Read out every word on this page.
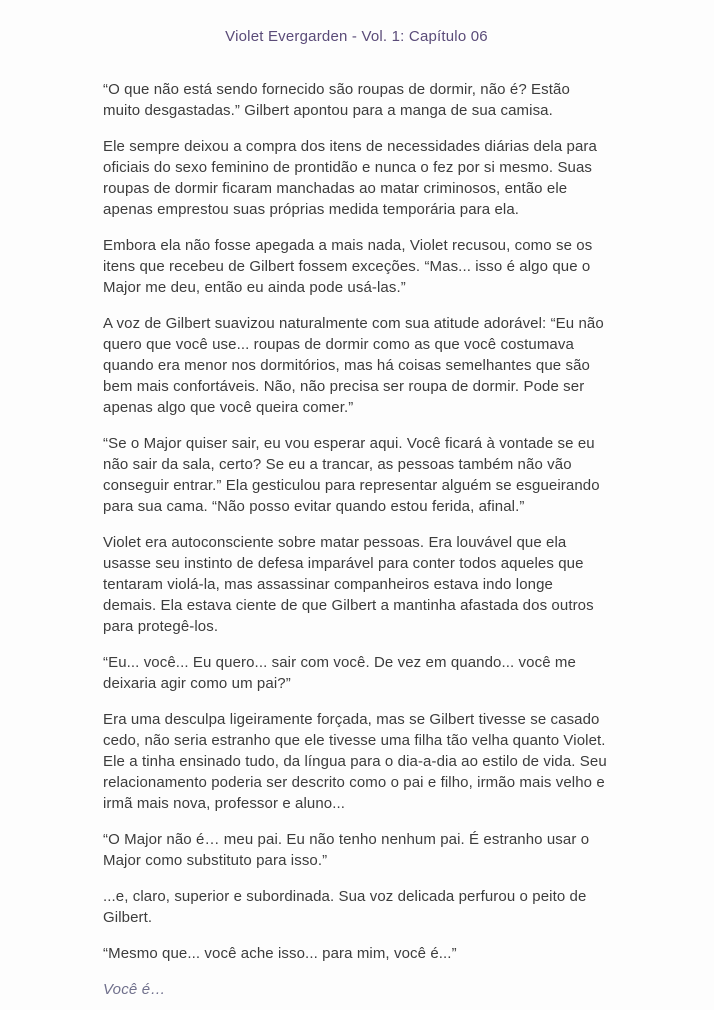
Violet Evergarden - Vol. 1: Capítulo 06

“O que não está sendo fornecido são roupas de dormir, não é? Estão muito desgastadas.” Gilbert apontou para a manga de sua camisa.

Ele sempre deixou a compra dos itens de necessidades diárias dela para oficiais do sexo feminino de prontidão e nunca o fez por si mesmo. Suas roupas de dormir ficaram manchadas ao matar criminosos, então ele apenas emprestou suas próprias medida temporária para ela.

Embora ela não fosse apegada a mais nada, Violet recusou, como se os itens que recebeu de Gilbert fossem exceções. “Mas... isso é algo que o Major me deu, então eu ainda pode usá-las.”

A voz de Gilbert suavizou naturalmente com sua atitude adorável: “Eu não quero que você use... roupas de dormir como as que você costumava quando era menor nos dormitórios, mas há coisas semelhantes que são bem mais confortáveis. Não, não precisa ser roupa de dormir. Pode ser apenas algo que você queira comer.”

“Se o Major quiser sair, eu vou esperar aqui. Você ficará à vontade se eu não sair da sala, certo? Se eu a trancar, as pessoas também não vão conseguir entrar.” Ela gesticulou para representar alguém se esgueirando para sua cama. “Não posso evitar quando estou ferida, afinal.”

Violet era autoconsciente sobre matar pessoas. Era louvável que ela usasse seu instinto de defesa imparável para conter todos aqueles que tentaram violá-la, mas assassinar companheiros estava indo longe demais. Ela estava ciente de que Gilbert a mantinha afastada dos outros para protegê-los.

“Eu... você... Eu quero... sair com você. De vez em quando... você me deixaria agir como um pai?”

Era uma desculpa ligeiramente forçada, mas se Gilbert tivesse se casado cedo, não seria estranho que ele tivesse uma filha tão velha quanto Violet. Ele a tinha ensinado tudo, da língua para o dia-a-dia ao estilo de vida. Seu relacionamento poderia ser descrito como o pai e filho, irmão mais velho e irmã mais nova, professor e aluno...

“O Major não é… meu pai. Eu não tenho nenhum pai. É estranho usar o Major como substituto para isso.”

...e, claro, superior e subordinada. Sua voz delicada perfurou o peito de Gilbert.

“Mesmo que... você ache isso... para mim, você é...”

Você é…
